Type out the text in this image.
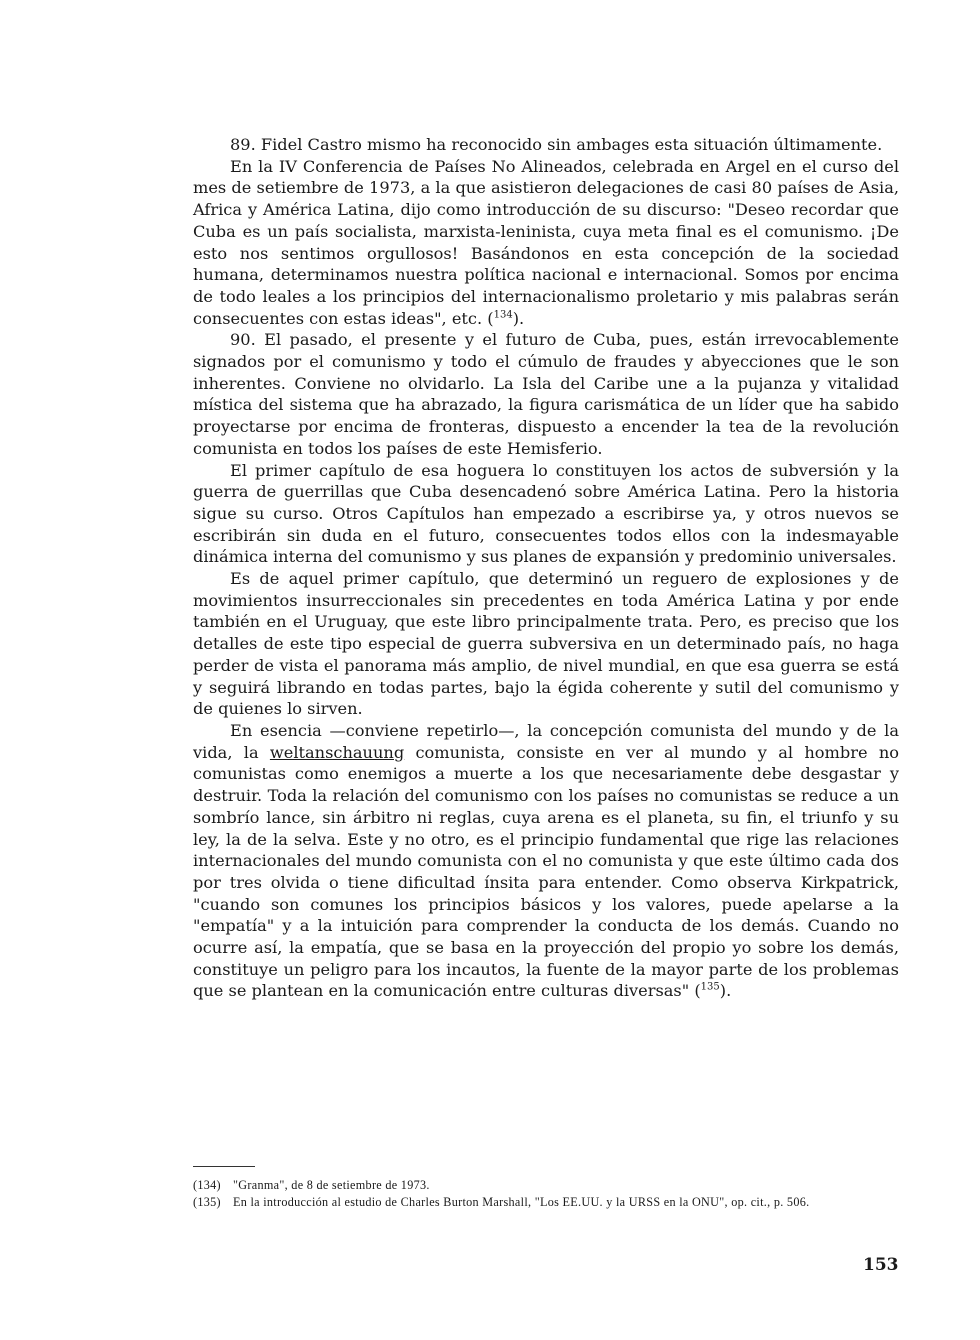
89. Fidel Castro mismo ha reconocido sin ambages esta situación últimamente.

En la IV Conferencia de Países No Alineados, celebrada en Argel en el curso del mes de setiembre de 1973, a la que asistieron delegaciones de casi 80 países de Asia, Africa y América Latina, dijo como introducción de su discurso: "Deseo recordar que Cuba es un país socialista, marxista-leninista, cuya meta final es el comunismo. ¡De esto nos sentimos orgullosos! Basándonos en esta concepción de la sociedad humana, determinamos nuestra política nacional e internacional. Somos por encima de todo leales a los principios del internacionalismo proletario y mis palabras serán consecuentes con estas ideas", etc. ($^{134}$).

90. El pasado, el presente y el futuro de Cuba, pues, están irrevocablemente signados por el comunismo y todo el cúmulo de fraudes y abyecciones que le son inherentes. Conviene no olvidarlo. La Isla del Caribe une a la pujanza y vitalidad mística del sistema que ha abrazado, la figura carismática de un líder que ha sabido proyectarse por encima de fronteras, dispuesto a encender la tea de la revolución comunista en todos los países de este Hemisferio.

El primer capítulo de esa hoguera lo constituyen los actos de subversión y la guerra de guerrillas que Cuba desencadenó sobre América Latina. Pero la historia sigue su curso. Otros Capítulos han empezado a escribirse ya, y otros nuevos se escribirán sin duda en el futuro, consecuentes todos ellos con la indesmayable dinámica interna del comunismo y sus planes de expansión y predominio universales.

Es de aquel primer capítulo, que determinó un reguero de explosiones y de movimientos insurreccionales sin precedentes en toda América Latina y por ende también en el Uruguay, que este libro principalmente trata. Pero, es preciso que los detalles de este tipo especial de guerra subversiva en un determinado país, no haga perder de vista el panorama más amplio, de nivel mundial, en que esa guerra se está y seguirá librando en todas partes, bajo la égida coherente y sutil del comunismo y de quienes lo sirven.

En esencia —conviene repetirlo—, la concepción comunista del mundo y de la vida, la weltanschauung comunista, consiste en ver al mundo y al hombre no comunistas como enemigos a muerte a los que necesariamente debe desgastar y destruir. Toda la relación del comunismo con los países no comunistas se reduce a un sombrío lance, sin árbitro ni reglas, cuya arena es el planeta, su fin, el triunfo y su ley, la de la selva. Este y no otro, es el principio fundamental que rige las relaciones internacionales del mundo comunista con el no comunista y que este último cada dos por tres olvida o tiene dificultad ínsita para entender. Como observa Kirkpatrick, "cuando son comunes los principios básicos y los valores, puede apelarse a la "empatía" y a la intuición para comprender la conducta de los demás. Cuando no ocurre así, la empatía, que se basa en la proyección del propio yo sobre los demás, constituye un peligro para los incautos, la fuente de la mayor parte de los problemas que se plantean en la comunicación entre culturas diversas" ($^{135}$).

(134) "Granma", de 8 de setiembre de 1973.
(135) En la introducción al estudio de Charles Burton Marshall, "Los EE.UU. y la URSS en la ONU", op. cit., p. 506.
153
